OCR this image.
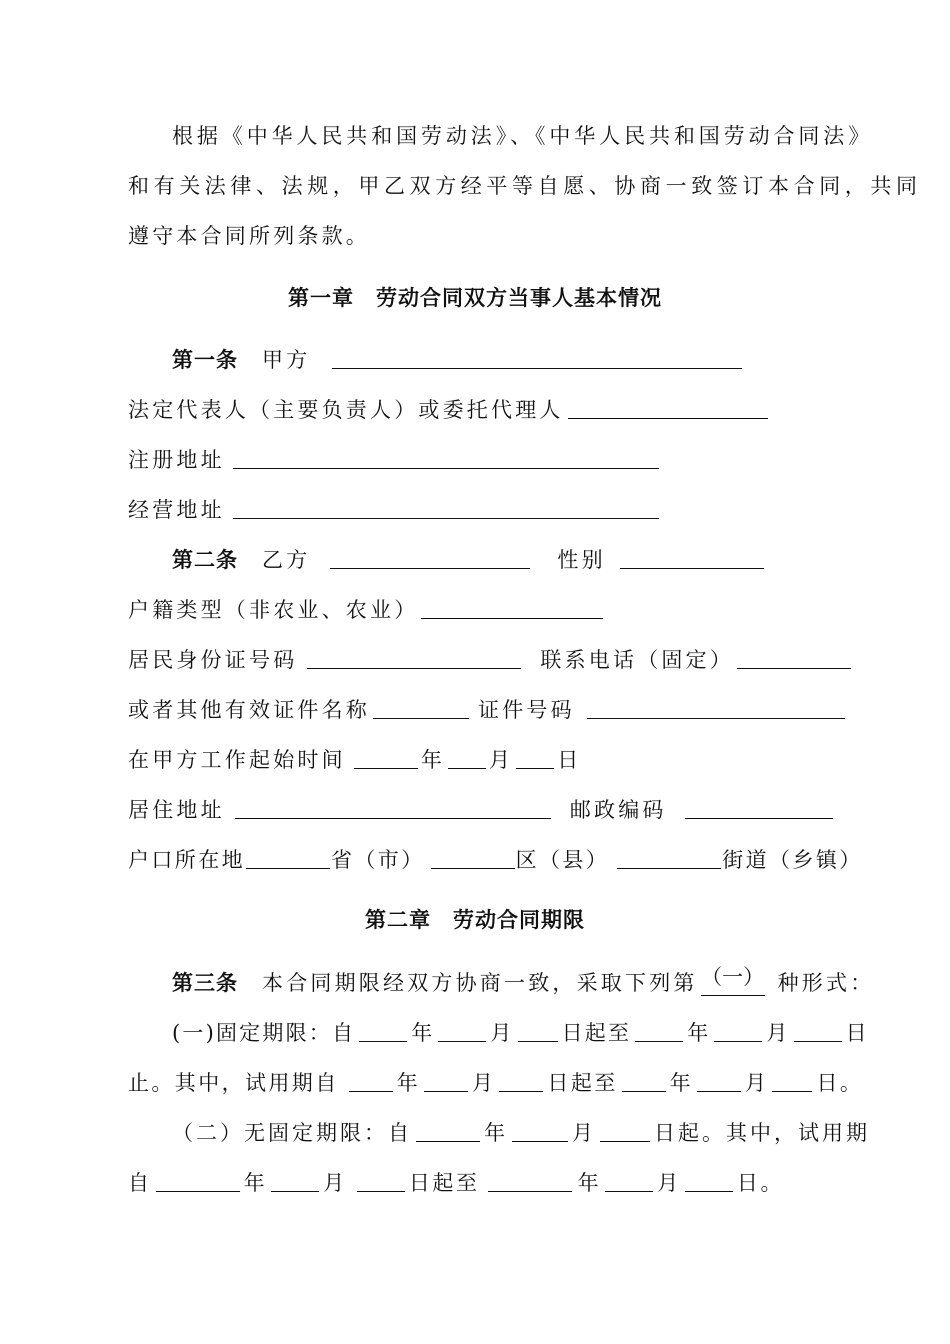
根据《中华人民共和国劳动法》、《中华人民共和国劳动合同法》
和有关法律、法规，甲乙双方经平等自愿、协商一致签订本合同，共同
遵守本合同所列条款。
第一章　劳动合同双方当事人基本情况
第一条 甲方
法定代表人（主要负责人）或委托代理人
注册地址
经营地址
第二条 乙方	性别
户籍类型（非农业、农业）
居民身份证号码	联系电话（固定）
或者其他有效证件名称	证件号码
在甲方工作起始时间	年 月 日
居住地址	邮政编码
户口所在地	省（市）	区（县）	街道（乡镇）
第二章　劳动合同期限
第三条 本合同期限经双方协商一致，采取下列第 （一） 种形式：
(一)固定期限：自	年	月 日起至	年	月	日
止。其中，试用期自	年 月 日起至 年 月 日。
（二）无固定期限：自	年	月	日起。其中，试用期
自	年	月	日起至	年	月	日。
